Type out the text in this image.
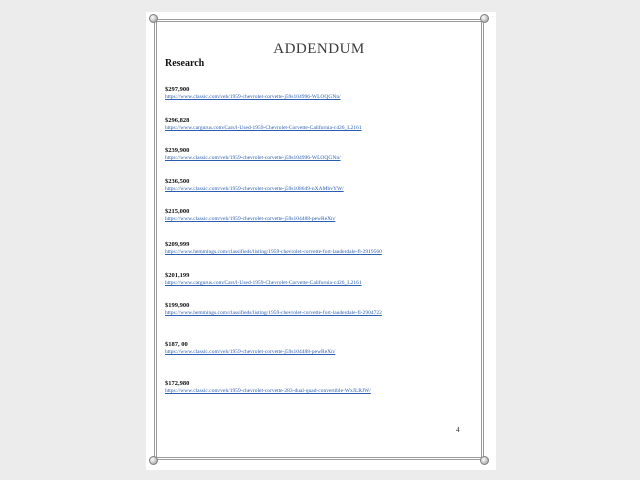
ADDENDUM
Research
$297,900
https://www.classic.com/veh/1959-chevrolet-corvette-j59s104996-WLOQGNn/
$296,828
https://www.cargurus.com/Cars/l-Used-1959-Chevrolet-Corvette-California-c426_L2161
$239,900
https://www.classic.com/veh/1959-chevrolet-corvette-j59s104996-WLOQGNn/
$236,500
https://www.classic.com/veh/1959-chevrolet-corvette-j59s108649-nXAMbvYW/
$215,000
https://www.classic.com/veh/1959-chevrolet-corvette-j59s104488-pewReXn/
$209,999
https://www.hemmings.com/classifieds/listing/1959-chevrolet-corvette-fort-lauderdale-fl-2919560
$201,199
https://www.cargurus.com/Cars/l-Used-1959-Chevrolet-Corvette-California-c426_L2161
$199,900
https://www.hemmings.com/classifieds/listing/1959-chevrolet-corvette-fort-lauderdale-fl-2904722
$187, 00
https://www.classic.com/veh/1959-chevrolet-corvette-j59s104488-pewReXn/
$172,980
https://www.classic.com/veh/1959-chevrolet-corvette-283-dual-quad-convertible-WxJLRJW/
4
